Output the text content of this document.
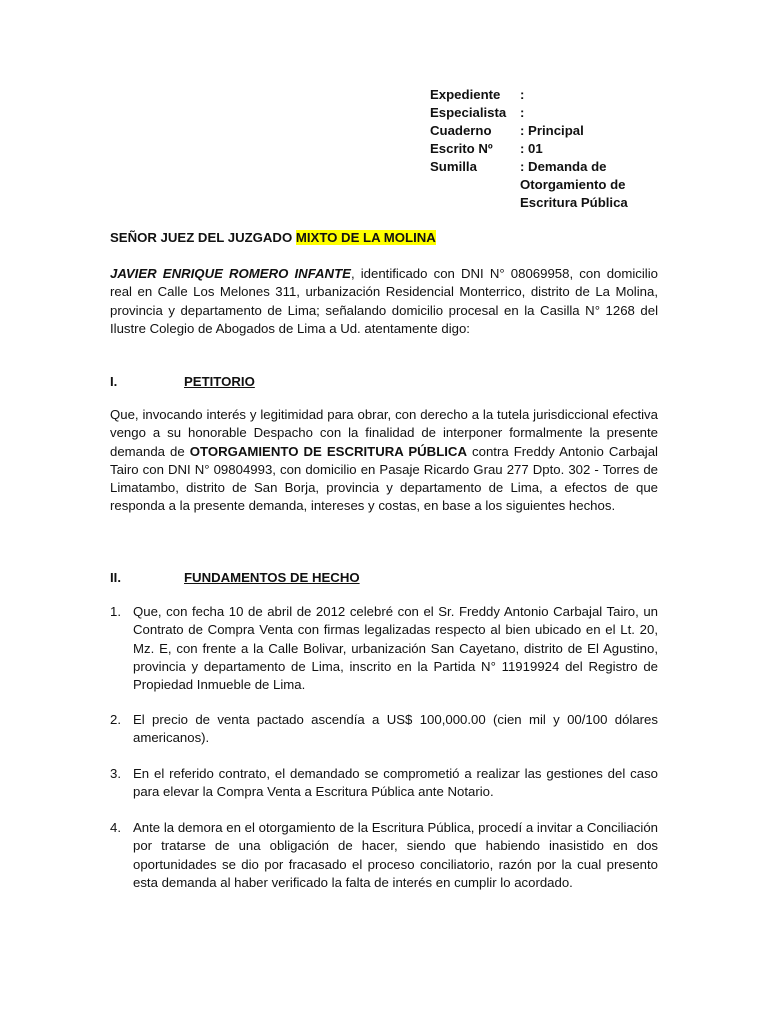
Expediente	:
Especialista	:
Cuaderno	: Principal
Escrito Nº	: 01
Sumilla	: Demanda de Otorgamiento de Escritura Pública
SEÑOR JUEZ DEL JUZGADO MIXTO DE LA MOLINA
JAVIER ENRIQUE ROMERO INFANTE, identificado con DNI N° 08069958, con domicilio real en Calle Los Melones 311, urbanización Residencial Monterrico, distrito de La Molina, provincia y departamento de Lima; señalando domicilio procesal en la Casilla N° 1268 del Ilustre Colegio de Abogados de Lima a Ud. atentamente digo:
I.	PETITORIO
Que, invocando interés y legitimidad para obrar, con derecho a la tutela jurisdiccional efectiva vengo a su honorable Despacho con la finalidad de interponer formalmente la presente demanda de OTORGAMIENTO DE ESCRITURA PÚBLICA contra Freddy Antonio Carbajal Tairo con DNI N° 09804993, con domicilio en Pasaje Ricardo Grau 277 Dpto. 302 - Torres de Limatambo, distrito de San Borja, provincia y departamento de Lima, a efectos de que responda a la presente demanda, intereses y costas, en base a los siguientes hechos.
II.	FUNDAMENTOS DE HECHO
1. Que, con fecha 10 de abril de 2012 celebré con el Sr. Freddy Antonio Carbajal Tairo, un Contrato de Compra Venta con firmas legalizadas respecto al bien ubicado en el Lt. 20, Mz. E, con frente a la Calle Bolivar, urbanización San Cayetano, distrito de El Agustino, provincia y departamento de Lima, inscrito en la Partida N° 11919924 del Registro de Propiedad Inmueble de Lima.
2. El precio de venta pactado ascendía a US$ 100,000.00 (cien mil y 00/100 dólares americanos).
3. En el referido contrato, el demandado se comprometió a realizar las gestiones del caso para elevar la Compra Venta a Escritura Pública ante Notario.
4. Ante la demora en el otorgamiento de la Escritura Pública, procedí a invitar a Conciliación por tratarse de una obligación de hacer, siendo que habiendo inasistido en dos oportunidades se dio por fracasado el proceso conciliatorio, razón por la cual presento esta demanda al haber verificado la falta de interés en cumplir lo acordado.
